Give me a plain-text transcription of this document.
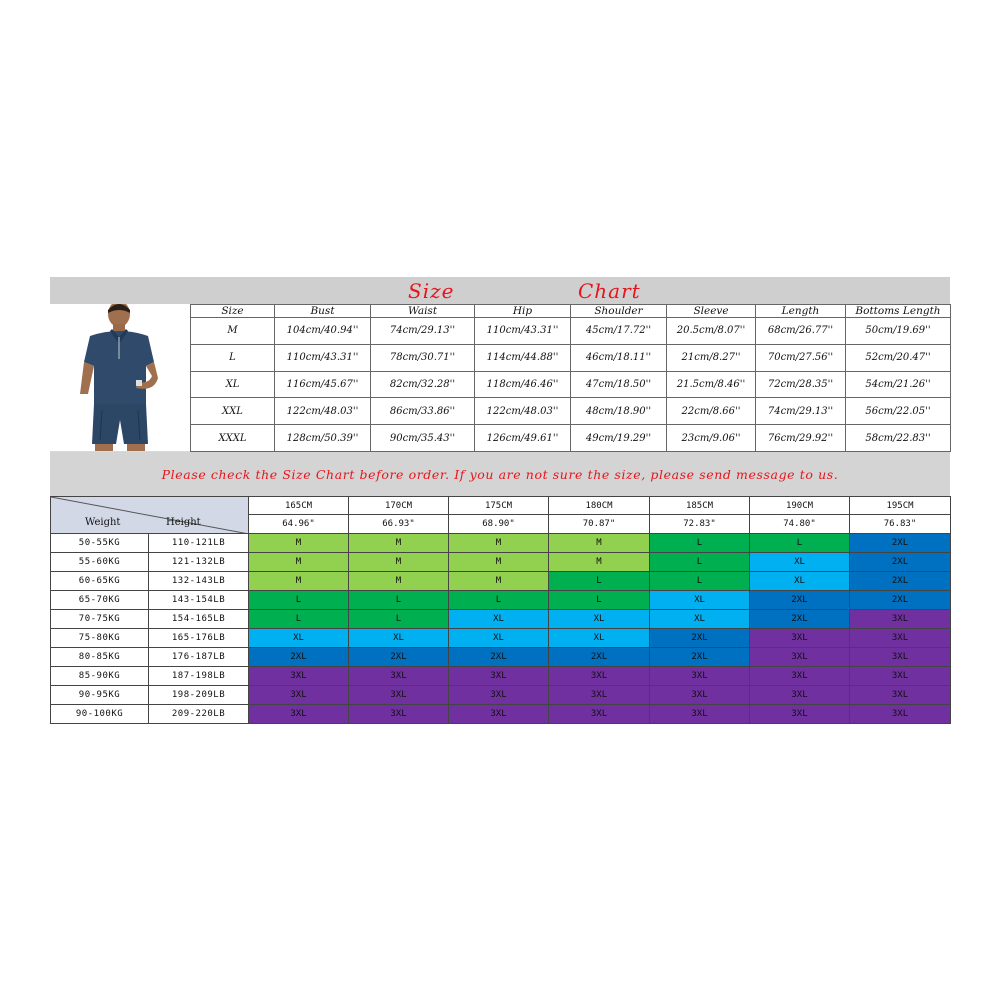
Size	Chart
Size	Bust	Waist	Hip	Shoulder	Sleeve	Length	Bottoms Length
M	104cm/40.94''	74cm/29.13''	110cm/43.31''	45cm/17.72''	20.5cm/8.07''	68cm/26.77''	50cm/19.69''
L	110cm/43.31''	78cm/30.71''	114cm/44.88''	46cm/18.11''	21cm/8.27''	70cm/27.56''	52cm/20.47''
XL	116cm/45.67''	82cm/32.28''	118cm/46.46''	47cm/18.50''	21.5cm/8.46''	72cm/28.35''	54cm/21.26''
XXL	122cm/48.03''	86cm/33.86''	122cm/48.03''	48cm/18.90''	22cm/8.66''	74cm/29.13''	56cm/22.05''
XXXL	128cm/50.39''	90cm/35.43''	126cm/49.61''	49cm/19.29''	23cm/9.06''	76cm/29.92''	58cm/22.83''
Please check the Size Chart before order. If you are not sure the size, please send message to us.
Weight Height		165CM	170CM	175CM	180CM	185CM	190CM	195CM
		64.96"	66.93"	68.90"	70.87"	72.83"	74.80"	76.83"
50-55KG	110-121LB	M	M	M	M	L	L	2XL
55-60KG	121-132LB	M	M	M	M	L	XL	2XL
60-65KG	132-143LB	M	M	M	L	L	XL	2XL
65-70KG	143-154LB	L	L	L	L	XL	2XL	2XL
70-75KG	154-165LB	L	L	XL	XL	XL	2XL	3XL
75-80KG	165-176LB	XL	XL	XL	XL	2XL	3XL	3XL
80-85KG	176-187LB	2XL	2XL	2XL	2XL	2XL	3XL	3XL
85-90KG	187-198LB	3XL	3XL	3XL	3XL	3XL	3XL	3XL
90-95KG	198-209LB	3XL	3XL	3XL	3XL	3XL	3XL	3XL
90-100KG	209-220LB	3XL	3XL	3XL	3XL	3XL	3XL	3XL
